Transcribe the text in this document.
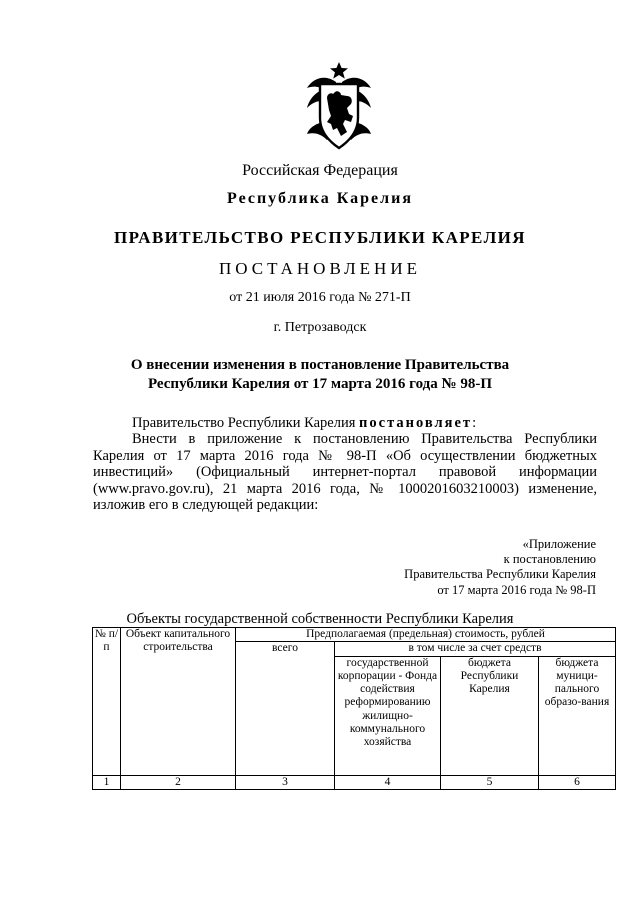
Российская Федерация
Республика Карелия
ПРАВИТЕЛЬСТВО РЕСПУБЛИКИ КАРЕЛИЯ
ПОСТАНОВЛЕНИЕ
от 21 июля 2016 года № 271-П
г. Петрозаводск
О внесении изменения в постановление Правительства
Республики Карелия от 17 марта 2016 года № 98-П

Правительство Республики Карелия постановляет:

Внести в приложение к постановлению Правительства Республики Карелия от 17 марта 2016 года № 98-П «Об осуществлении бюджетных инвестиций» (Официальный интернет-портал правовой информации (www.pravo.gov.ru), 21 марта 2016 года, № 1000201603210003) изменение, изложив его в следующей редакции:

«Приложение
к постановлению
Правительства Республики Карелия
от 17 марта 2016 года № 98-П
Объекты государственной собственности Республики Карелия
№ п/п	Объект капитального строительства	Предполагаемая (предельная) стоимость, рублей			
		всего	в том числе за счет средств		
			государственной корпорации - Фонда содействия реформированию жилищно-коммунального хозяйства	бюджета Республики Карелия	бюджета муници-пального образо-вания
1	2	3	4	5	6
